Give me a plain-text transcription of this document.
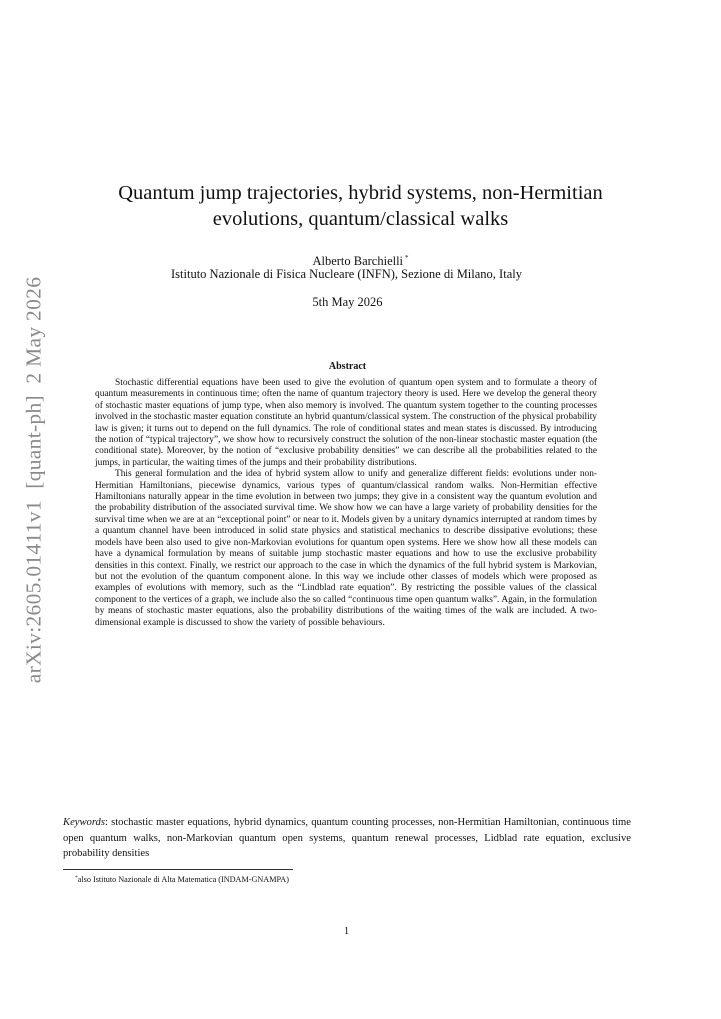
arXiv:2605.01411v1  [quant-ph]  2 May 2026
Quantum jump trajectories, hybrid systems, non-Hermitian
evolutions, quantum/classical walks
Alberto Barchielli *
Istituto Nazionale di Fisica Nucleare (INFN), Sezione di Milano, Italy
5th May 2026
Abstract

Stochastic differential equations have been used to give the evolution of quantum open system and to formulate a theory of quantum measurements in continuous time; often the name of quantum trajectory theory is used. Here we develop the general theory of stochastic master equations of jump type, when also memory is involved. The quantum system together to the counting processes involved in the stochastic master equation constitute an hybrid quantum/classical system. The construction of the physical probability law is given; it turns out to depend on the full dynamics. The role of conditional states and mean states is discussed. By introducing the notion of “typical trajectory”, we show how to recursively construct the solution of the non-linear stochastic master equation (the conditional state). Moreover, by the notion of “exclusive probability densities” we can describe all the probabilities related to the jumps, in particular, the waiting times of the jumps and their probability distributions.

This general formulation and the idea of hybrid system allow to unify and generalize different fields: evolutions under non-Hermitian Hamiltonians, piecewise dynamics, various types of quantum/classical random walks. Non-Hermitian effective Hamiltonians naturally appear in the time evolution in between two jumps; they give in a consistent way the quantum evolution and the probability distribution of the associated survival time. We show how we can have a large variety of probability densities for the survival time when we are at an “exceptional point” or near to it. Models given by a unitary dynamics interrupted at random times by a quantum channel have been introduced in solid state physics and statistical mechanics to describe dissipative evolutions; these models have been also used to give non-Markovian evolutions for quantum open systems. Here we show how all these models can have a dynamical formulation by means of suitable jump stochastic master equations and how to use the exclusive probability densities in this context. Finally, we restrict our approach to the case in which the dynamics of the full hybrid system is Markovian, but not the evolution of the quantum component alone. In this way we include other classes of models which were proposed as examples of evolutions with memory, such as the “Lindblad rate equation”. By restricting the possible values of the classical component to the vertices of a graph, we include also the so called “continuous time open quantum walks”. Again, in the formulation by means of stochastic master equations, also the probability distributions of the waiting times of the walk are included. A two-dimensional example is discussed to show the variety of possible behaviours.

Keywords: stochastic master equations, hybrid dynamics, quantum counting processes, non-Hermitian Hamiltonian, continuous time open quantum walks, non-Markovian quantum open systems, quantum renewal processes, Lidblad rate equation, exclusive probability densities
*also Istituto Nazionale di Alta Matematica (INDAM-GNAMPA)
1
